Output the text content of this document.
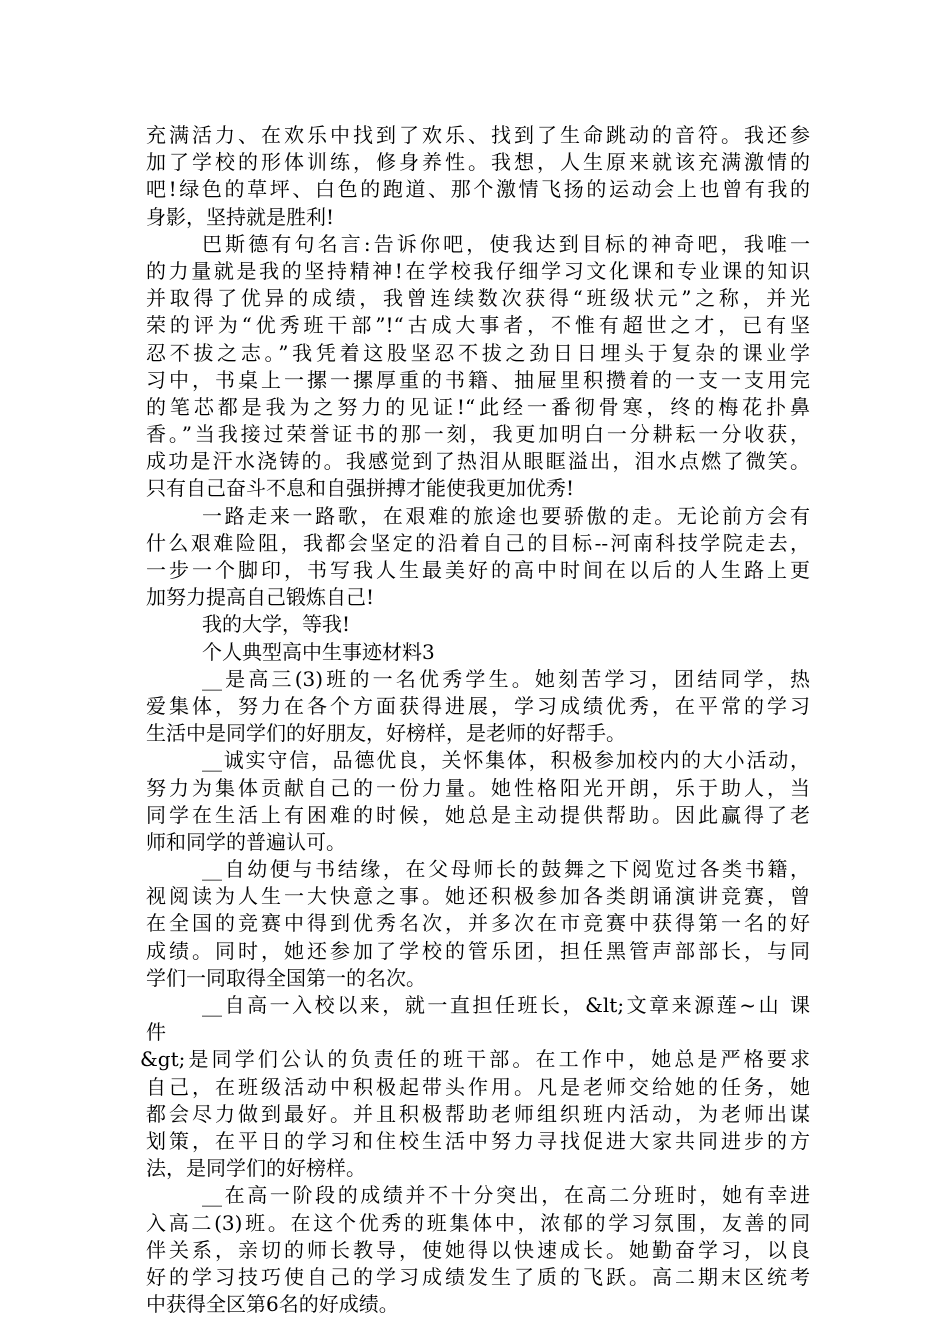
充满活力、在欢乐中找到了欢乐、找到了生命跳动的音符。我还参
加了学校的形体训练，修身养性。我想，人生原来就该充满激情的
吧!绿色的草坪、白色的跑道、那个激情飞扬的运动会上也曾有我的
身影，坚持就是胜利!
巴斯德有句名言:告诉你吧，使我达到目标的神奇吧，我唯一
的力量就是我的坚持精神!在学校我仔细学习文化课和专业课的知识
并取得了优异的成绩，我曾连续数次获得“班级状元”之称，并光
荣的评为“优秀班干部”!“古成大事者，不惟有超世之才，已有坚
忍不拔之志。”我凭着这股坚忍不拔之劲日日埋头于复杂的课业学
习中，书桌上一摞一摞厚重的书籍、抽屉里积攒着的一支一支用完
的笔芯都是我为之努力的见证!“此经一番彻骨寒，终的梅花扑鼻
香。”当我接过荣誉证书的那一刻，我更加明白一分耕耘一分收获，
成功是汗水浇铸的。我感觉到了热泪从眼眶溢出，泪水点燃了微笑。
只有自己奋斗不息和自强拼搏才能使我更加优秀!
一路走来一路歌，在艰难的旅途也要骄傲的走。无论前方会有
什么艰难险阻，我都会坚定的沿着自己的目标--河南科技学院走去，
一步一个脚印，书写我人生最美好的高中时间在以后的人生路上更
加努力提高自己锻炼自己!
我的大学，等我!
个人典型高中生事迹材料3
__是高三(3)班的一名优秀学生。她刻苦学习，团结同学，热
爱集体，努力在各个方面获得进展，学习成绩优秀，在平常的学习
生活中是同学们的好朋友，好榜样，是老师的好帮手。
__诚实守信，品德优良，关怀集体，积极参加校内的大小活动，
努力为集体贡献自己的一份力量。她性格阳光开朗，乐于助人，当
同学在生活上有困难的时候，她总是主动提供帮助。因此赢得了老
师和同学的普遍认可。
__自幼便与书结缘，在父母师长的鼓舞之下阅览过各类书籍，
视阅读为人生一大快意之事。她还积极参加各类朗诵演讲竞赛，曾
在全国的竞赛中得到优秀名次，并多次在市竞赛中获得第一名的好
成绩。同时，她还参加了学校的管乐团，担任黑管声部部长，与同
学们一同取得全国第一的名次。
__自高一入校以来，就一直担任班长，&lt;文章来源莲~山 课
件
&gt;是同学们公认的负责任的班干部。在工作中，她总是严格要求
自己，在班级活动中积极起带头作用。凡是老师交给她的任务，她
都会尽力做到最好。并且积极帮助老师组织班内活动，为老师出谋
划策，在平日的学习和住校生活中努力寻找促进大家共同进步的方
法，是同学们的好榜样。
__在高一阶段的成绩并不十分突出，在高二分班时，她有幸进
入高二(3)班。在这个优秀的班集体中，浓郁的学习氛围，友善的同
伴关系，亲切的师长教导，使她得以快速成长。她勤奋学习，以良
好的学习技巧使自己的学习成绩发生了质的飞跃。高二期末区统考
中获得全区第6名的好成绩。
